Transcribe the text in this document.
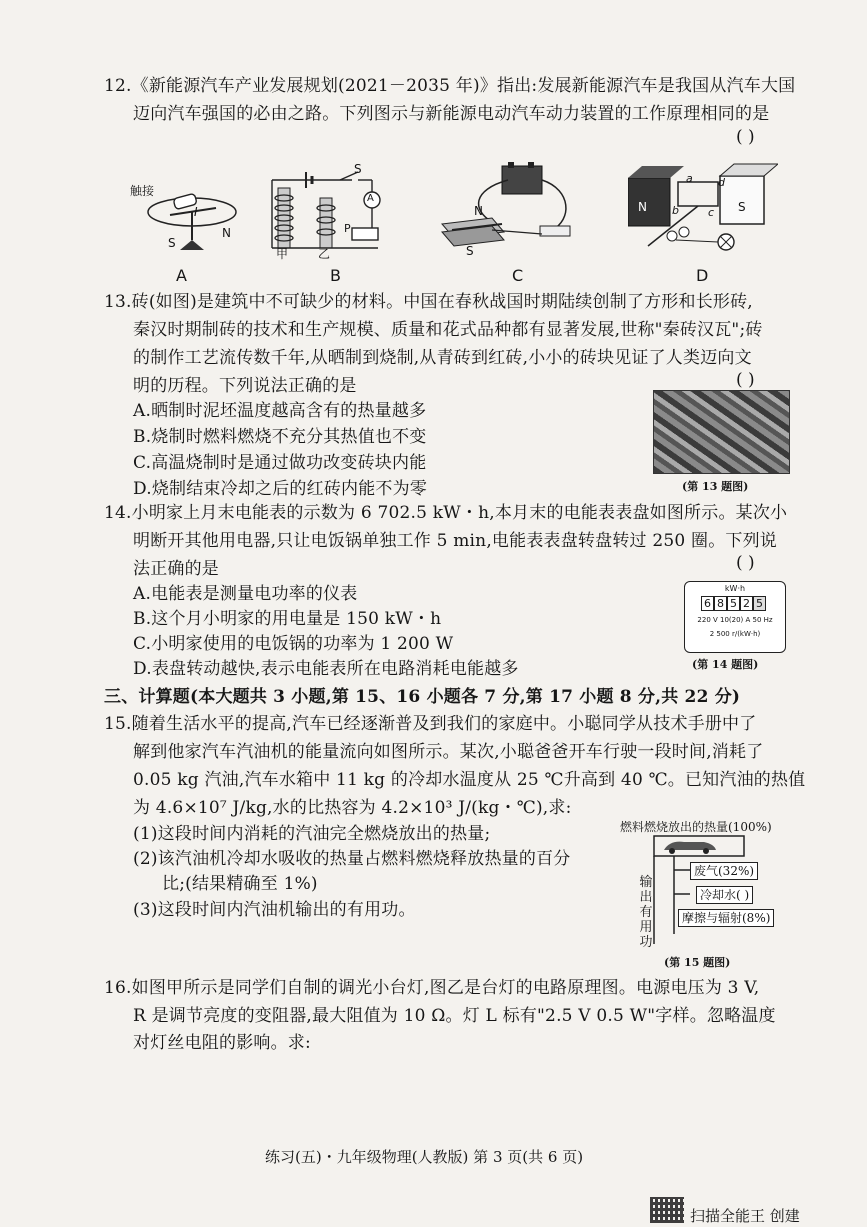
12.《新能源汽车产业发展规划(2021－2035 年)》指出:发展新能源汽车是我国从汽车大国
迈向汽车强国的必由之路。下列图示与新能源电动汽车动力装置的工作原理相同的是
( )
触接
S
N
I
A
甲 乙
S
A
P
B
N
S
C
N	S
a
b	c
d
D
13.砖(如图)是建筑中不可缺少的材料。中国在春秋战国时期陆续创制了方形和长形砖,
秦汉时期制砖的技术和生产规模、质量和花式品种都有显著发展,世称"秦砖汉瓦";砖
的制作工艺流传数千年,从晒制到烧制,从青砖到红砖,小小的砖块见证了人类迈向文
明的历程。下列说法正确的是	( )
A.晒制时泥坯温度越高含有的热量越多
B.烧制时燃料燃烧不充分其热值也不变
C.高温烧制时是通过做功改变砖块内能
D.烧制结束冷却之后的红砖内能不为零	(第 13 题图)
14.小明家上月末电能表的示数为 6 702.5 kW・h,本月末的电能表表盘如图所示。某次小
明断开其他用电器,只让电饭锅单独工作 5 min,电能表表盘转盘转过 250 圈。下列说
法正确的是	( )
A.电能表是测量电功率的仪表
B.这个月小明家的用电量是 150 kW・h
C.小明家使用的电饭锅的功率为 1 200 W
D.表盘转动越快,表示电能表所在电路消耗电能越多
kW·h
6 8 5 2 5
220 V 10(20) A 50 Hz
2 500 r/(kW·h)
(第 14 题图)
三、计算题(本大题共 3 小题,第 15、16 小题各 7 分,第 17 小题 8 分,共 22 分)
15.随着生活水平的提高,汽车已经逐渐普及到我们的家庭中。小聪同学从技术手册中了
解到他家汽车汽油机的能量流向如图所示。某次,小聪爸爸开车行驶一段时间,消耗了
0.05 kg 汽油,汽车水箱中 11 kg 的冷却水温度从 25 ℃升高到 40 ℃。已知汽油的热值
为 4.6×10⁷ J/kg,水的比热容为 4.2×10³ J/(kg・℃),求:
(1)这段时间内消耗的汽油完全燃烧放出的热量;
(2)该汽油机冷却水吸收的热量占燃料燃烧释放热量的百分
比;(结果精确至 1%)
(3)这段时间内汽油机输出的有用功。
燃料燃烧放出的热量(100%)
废气(32%)
冷却水( )
摩擦与辐射(8%)
输出有用功
(第 15 题图)
16.如图甲所示是同学们自制的调光小台灯,图乙是台灯的电路原理图。电源电压为 3 V,
R 是调节亮度的变阻器,最大阻值为 10 Ω。灯 L 标有"2.5 V 0.5 W"字样。忽略温度
对灯丝电阻的影响。求:
练习(五)・九年级物理(人教版) 第 3 页(共 6 页)
扫描全能王 创建
